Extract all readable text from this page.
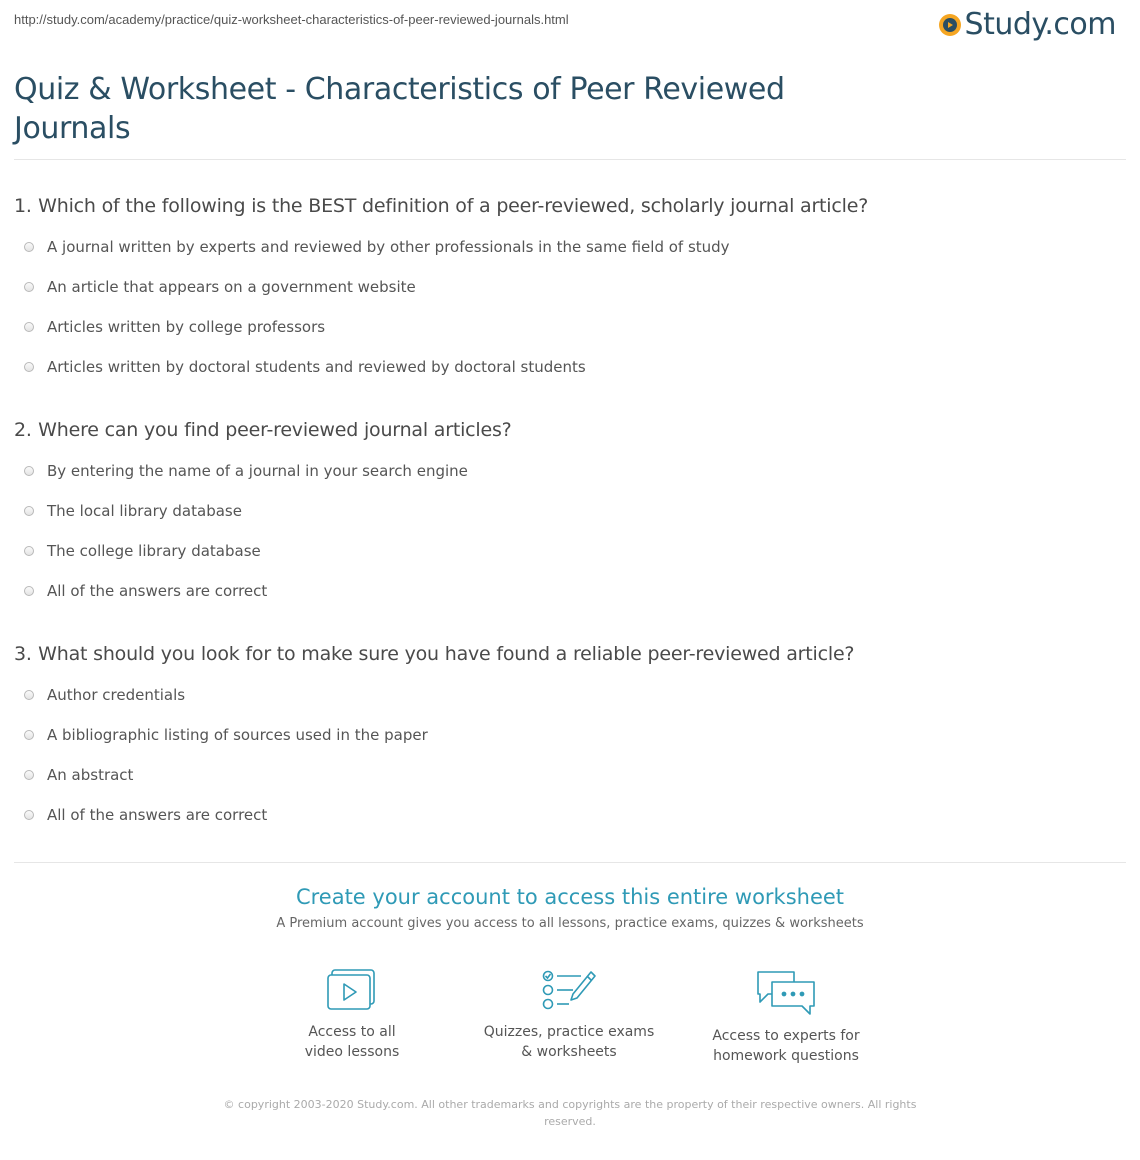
http://study.com/academy/practice/quiz-worksheet-characteristics-of-peer-reviewed-journals.html	Study.com
Quiz & Worksheet - Characteristics of Peer Reviewed Journals
1. Which of the following is the BEST definition of a peer-reviewed, scholarly journal article?
A journal written by experts and reviewed by other professionals in the same field of study
An article that appears on a government website
Articles written by college professors
Articles written by doctoral students and reviewed by doctoral students
2. Where can you find peer-reviewed journal articles?
By entering the name of a journal in your search engine
The local library database
The college library database
All of the answers are correct
3. What should you look for to make sure you have found a reliable peer-reviewed article?
Author credentials
A bibliographic listing of sources used in the paper
An abstract
All of the answers are correct
Create your account to access this entire worksheet
A Premium account gives you access to all lessons, practice exams, quizzes & worksheets
Access to all
video lessons
Quizzes, practice exams
& worksheets
Access to experts for
homework questions
© copyright 2003-2020 Study.com. All other trademarks and copyrights are the property of their respective owners. All rights reserved.
